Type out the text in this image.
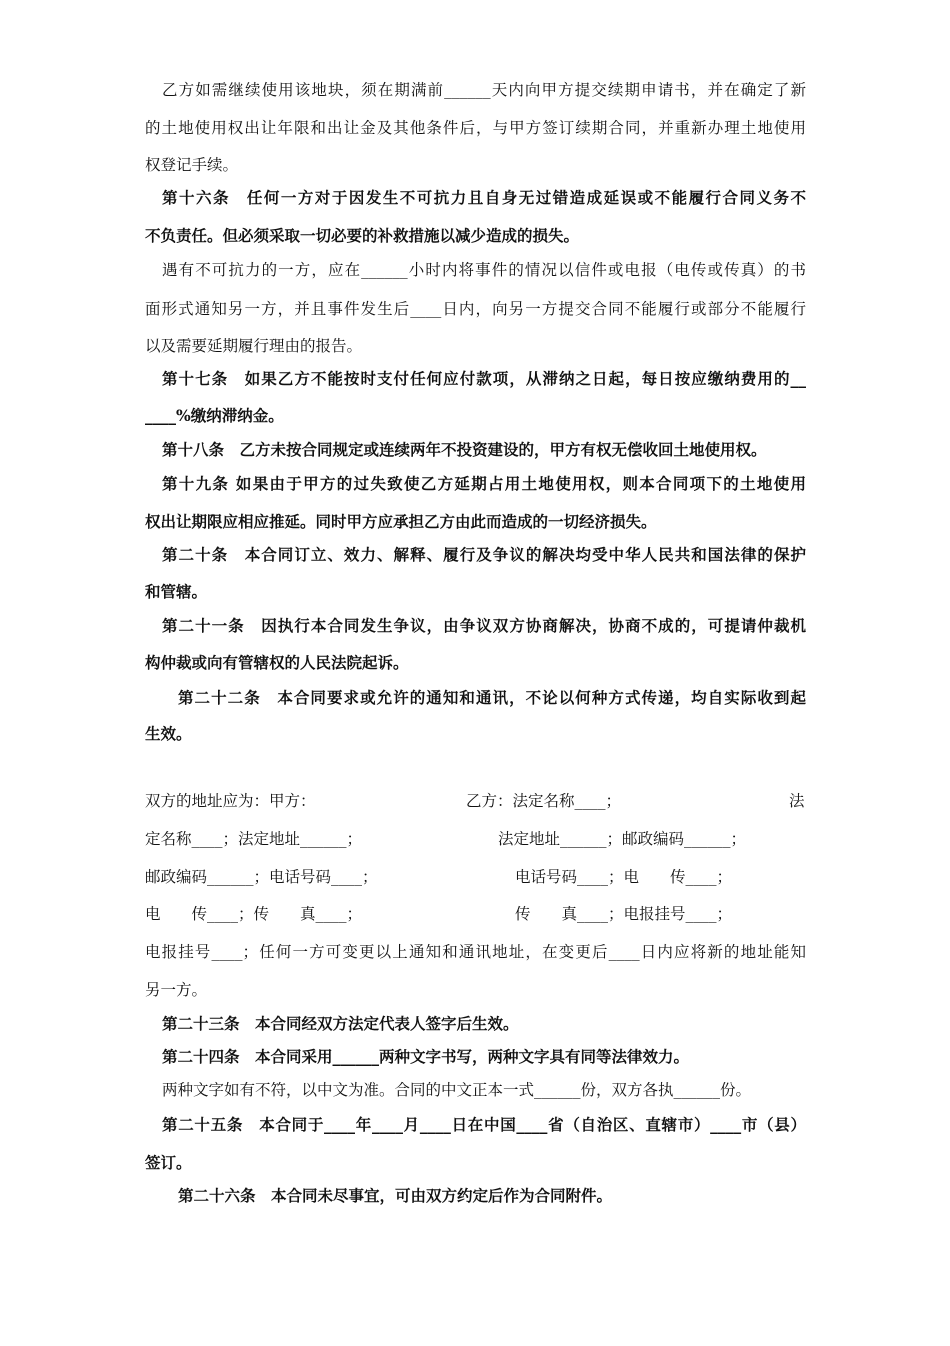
乙方如需继续使用该地块，须在期满前______天内向甲方提交续期申请书，并在确定了新
的土地使用权出让年限和出让金及其他条件后，与甲方签订续期合同，并重新办理土地使用
权登记手续。
第十六条　任何一方对于因发生不可抗力且自身无过错造成延误或不能履行合同义务不
不负责任。但必须采取一切必要的补救措施以减少造成的损失。
遇有不可抗力的一方，应在______小时内将事件的情况以信件或电报（电传或传真）的书
面形式通知另一方，并且事件发生后____日内，向另一方提交合同不能履行或部分不能履行
以及需要延期履行理由的报告。
第十七条　如果乙方不能按时支付任何应付款项，从滞纳之日起，每日按应缴纳费用的__
____%缴纳滞纳金。
第十八条　乙方未按合同规定或连续两年不投资建设的，甲方有权无偿收回土地使用权。
第十九条 如果由于甲方的过失致使乙方延期占用土地使用权，则本合同项下的土地使用
权出让期限应相应推延。同时甲方应承担乙方由此而造成的一切经济损失。
第二十条　本合同订立、效力、解释、履行及争议的解决均受中华人民共和国法律的保护
和管辖。
第二十一条　因执行本合同发生争议，由争议双方协商解决，协商不成的，可提请仲裁机
构仲裁或向有管辖权的人民法院起诉。
第二十二条　本合同要求或允许的通知和通讯，不论以何种方式传递，均自实际收到起
生效。
双方的地址应为：甲方：	乙方：法定名称____；	法
定名称____；法定地址______；	法定地址______；邮政编码______；
邮政编码______；电话号码____；	电话号码____；电　　传____；
电　　传____；传　　真____；	传　　真____；电报挂号____；
电报挂号____；任何一方可变更以上通知和通讯地址，在变更后____日内应将新的地址能知
另一方。
第二十三条　本合同经双方法定代表人签字后生效。
第二十四条　本合同采用______两种文字书写，两种文字具有同等法律效力。
两种文字如有不符，以中文为准。合同的中文正本一式______份，双方各执______份。
第二十五条　本合同于____年____月____日在中国____省（自治区、直辖市）____市（县）
签订。
第二十六条　本合同未尽事宜，可由双方约定后作为合同附件。
